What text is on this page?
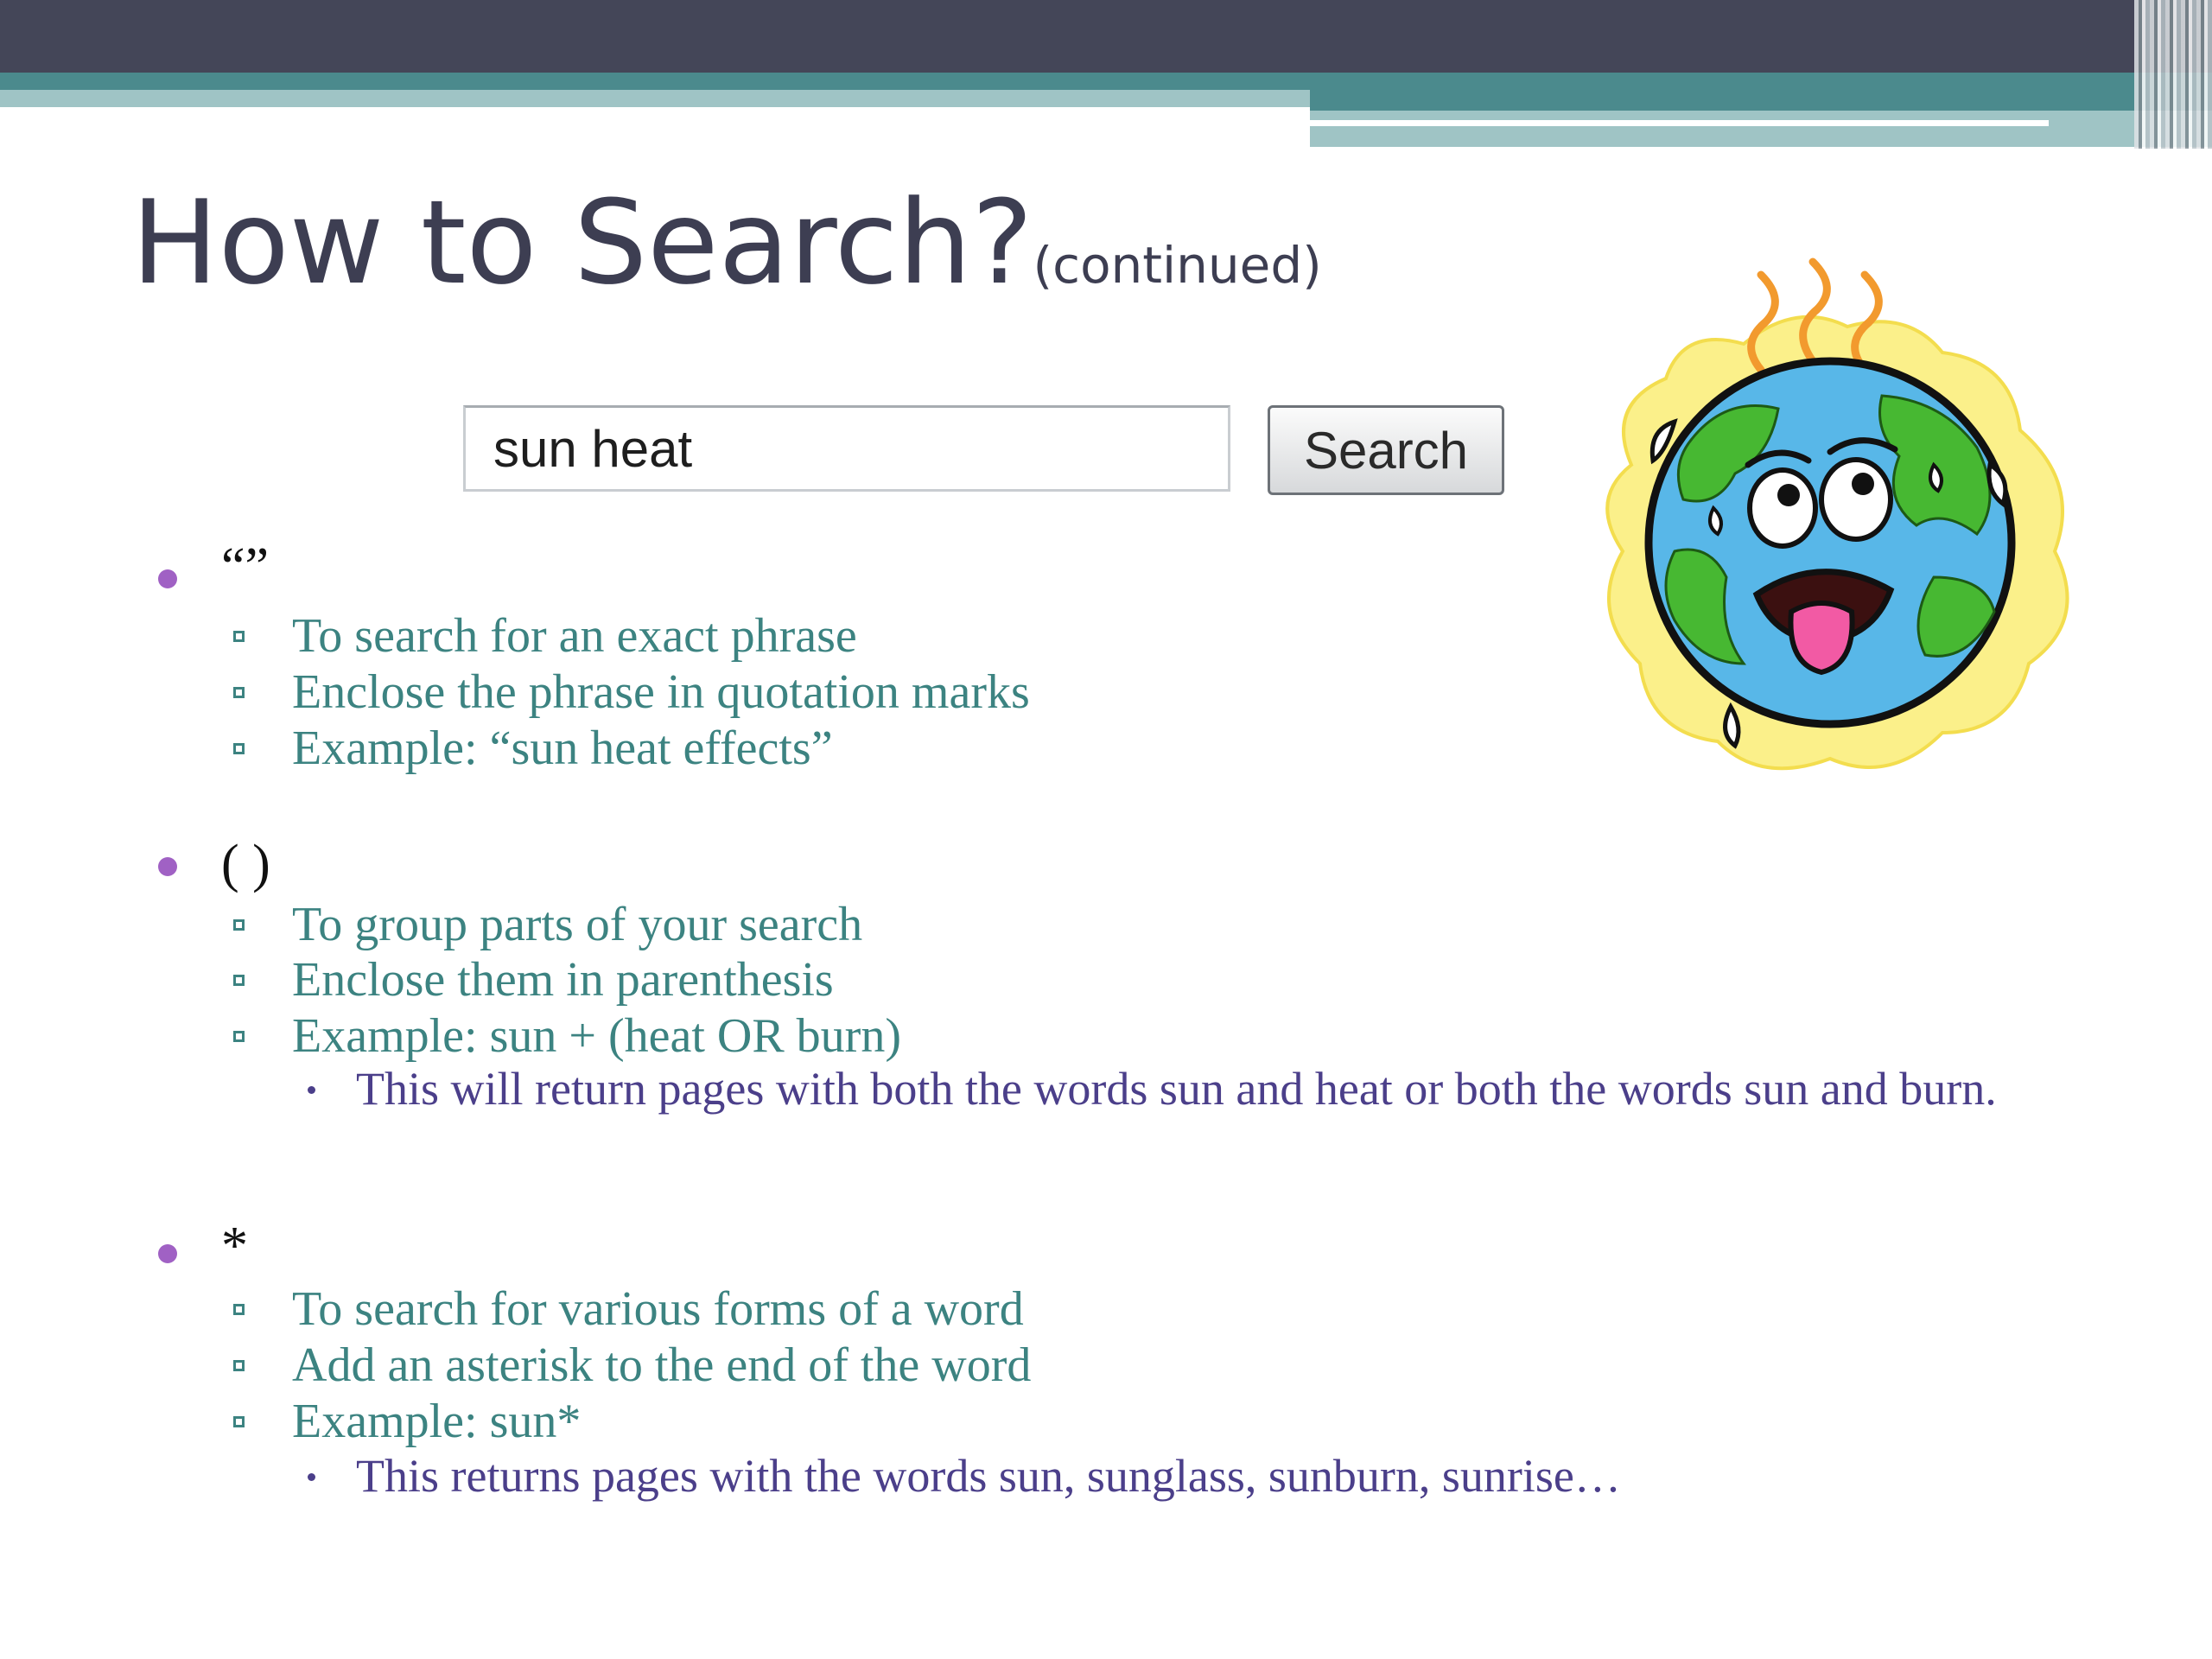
How to Search?(continued)
sun heat	Search
“”
To search for an exact phrase
Enclose the phrase in quotation marks
Example: “sun heat effects”
( )
To group parts of your search
Enclose them in parenthesis
Example: sun + (heat OR burn)
This will return pages with both the words sun and heat or both the words sun and burn.
*
To search for various forms of a word
Add an asterisk to the end of the word
Example: sun*
This returns pages with the words sun, sunglass, sunburn, sunrise…
